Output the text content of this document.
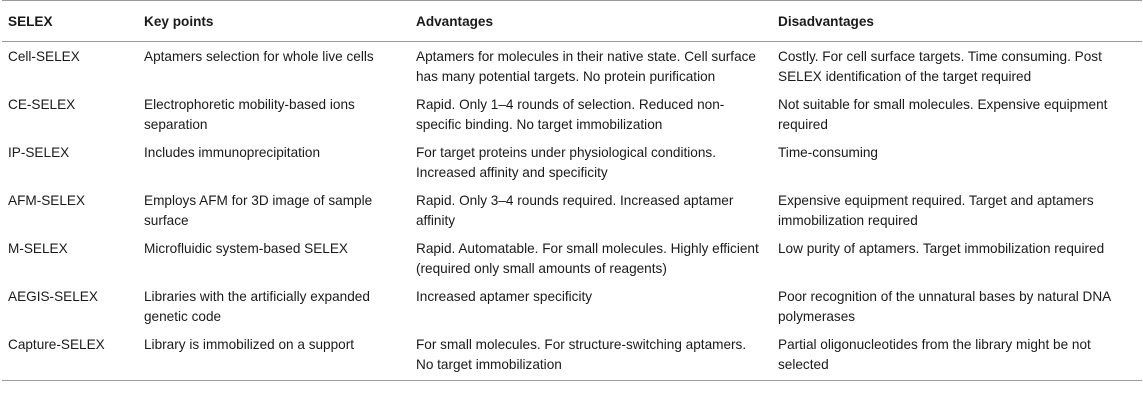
SELEX	Key points	Advantages	Disadvantages
Cell-SELEX	Aptamers selection for whole live cells	Aptamers for molecules in their native state. Cell surface has many potential targets. No protein purification	Costly. For cell surface targets. Time consuming. Post SELEX identification of the target required
CE-SELEX	Electrophoretic mobility-based ions separation	Rapid. Only 1–4 rounds of selection. Reduced non-specific binding. No target immobilization	Not suitable for small molecules. Expensive equipment required
IP-SELEX	Includes immunoprecipitation	For target proteins under physiological conditions. Increased affinity and specificity	Time-consuming
AFM-SELEX	Employs AFM for 3D image of sample surface	Rapid. Only 3–4 rounds required. Increased aptamer affinity	Expensive equipment required. Target and aptamers immobilization required
M-SELEX	Microfluidic system-based SELEX	Rapid. Automatable. For small molecules. Highly efficient (required only small amounts of reagents)	Low purity of aptamers. Target immobilization required
AEGIS-SELEX	Libraries with the artificially expanded genetic code	Increased aptamer specificity	Poor recognition of the unnatural bases by natural DNA polymerases
Capture-SELEX	Library is immobilized on a support	For small molecules. For structure-switching aptamers. No target immobilization	Partial oligonucleotides from the library might be not selected
